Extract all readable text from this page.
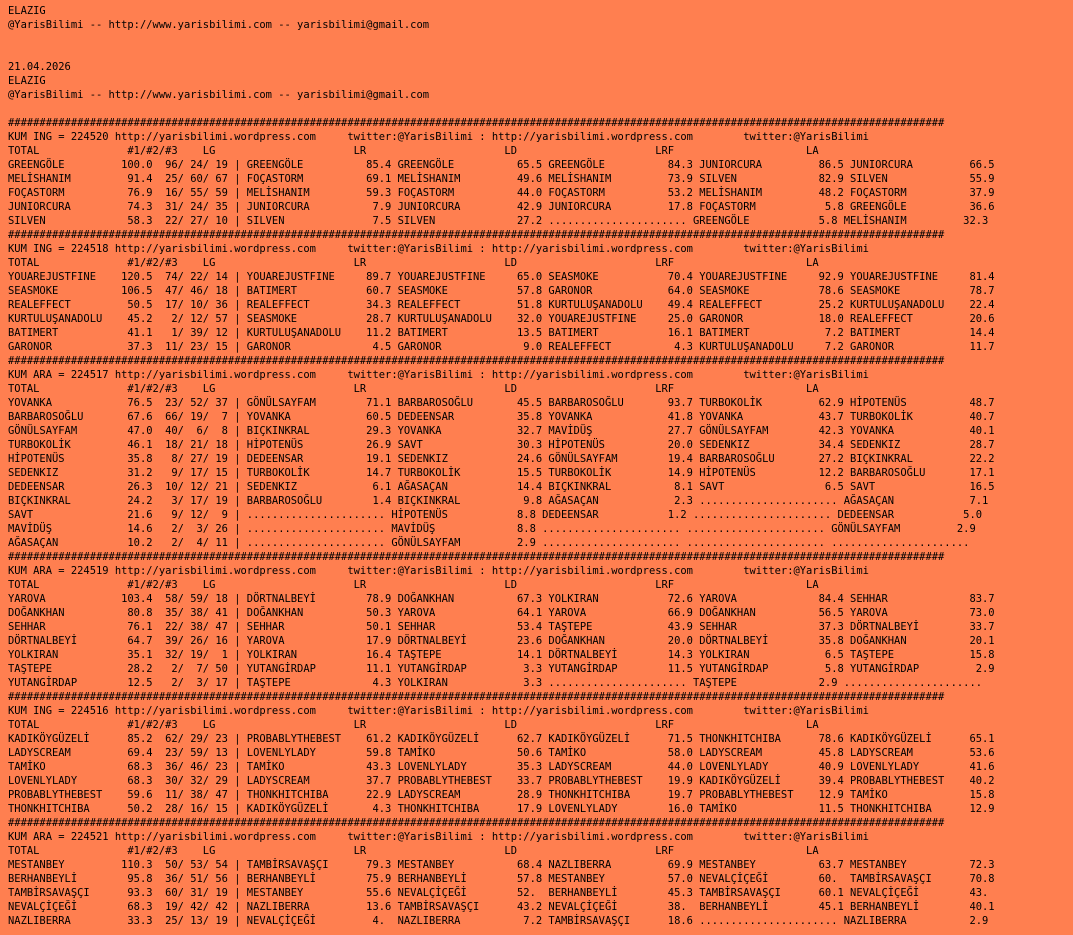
ELAZIG
@YarisBilimi -- http://www.yarisbilimi.com -- yarisbilimi@gmail.com
21.04.2026
ELAZIG
@YarisBilimi -- http://www.yarisbilimi.com -- yarisbilimi@gmail.com
#####################################################################################################################################################
KUM ING = 224520 http://yarisbilimi.wordpress.com     twitter:@YarisBilimi : http://yarisbilimi.wordpress.com        twitter:@YarisBilimi
TOTAL              #1/#2/#3    LG                      LR                      LD                      LRF                     LA
GREENGÖLE         100.0  96/ 24/ 19 | GREENGÖLE          85.4 GREENGÖLE          65.5 GREENGÖLE          84.3 JUNIORCURA         86.5 JUNIORCURA         66.5
MELİSHANIM         91.4  25/ 60/ 67 | FOÇASTORM          69.1 MELİSHANIM         49.6 MELİSHANIM         73.9 SILVEN             82.9 SILVEN             55.9
FOÇASTORM          76.9  16/ 55/ 59 | MELİSHANIM         59.3 FOÇASTORM          44.0 FOÇASTORM          53.2 MELİSHANIM         48.2 FOÇASTORM          37.9
JUNIORCURA         74.3  31/ 24/ 35 | JUNIORCURA          7.9 JUNIORCURA         42.9 JUNIORCURA         17.8 FOÇASTORM           5.8 GREENGÖLE          36.6
SILVEN             58.3  22/ 27/ 10 | SILVEN              7.5 SILVEN             27.2 ...................... GREENGÖLE           5.8 MELİSHANIM         32.3
#####################################################################################################################################################
KUM ING = 224518 http://yarisbilimi.wordpress.com     twitter:@YarisBilimi : http://yarisbilimi.wordpress.com        twitter:@YarisBilimi
TOTAL              #1/#2/#3    LG                      LR                      LD                      LRF                     LA
YOUAREJUSTFINE    120.5  74/ 22/ 14 | YOUAREJUSTFINE     89.7 YOUAREJUSTFINE     65.0 SEASMOKE           70.4 YOUAREJUSTFINE     92.9 YOUAREJUSTFINE     81.4
SEASMOKE          106.5  47/ 46/ 18 | BATIMERT           60.7 SEASMOKE           57.8 GARONOR            64.0 SEASMOKE           78.6 SEASMOKE           78.7
REALEFFECT         50.5  17/ 10/ 36 | REALEFFECT         34.3 REALEFFECT         51.8 KURTULUŞANADOLU    49.4 REALEFFECT         25.2 KURTULUŞANADOLU    22.4
KURTULUŞANADOLU    45.2   2/ 12/ 57 | SEASMOKE           28.7 KURTULUŞANADOLU    32.0 YOUAREJUSTFINE     25.0 GARONOR            18.0 REALEFFECT         20.6
BATIMERT           41.1   1/ 39/ 12 | KURTULUŞANADOLU    11.2 BATIMERT           13.5 BATIMERT           16.1 BATIMERT            7.2 BATIMERT           14.4
GARONOR            37.3  11/ 23/ 15 | GARONOR             4.5 GARONOR             9.0 REALEFFECT          4.3 KURTULUŞANADOLU     7.2 GARONOR            11.7
#####################################################################################################################################################
KUM ARA = 224517 http://yarisbilimi.wordpress.com     twitter:@YarisBilimi : http://yarisbilimi.wordpress.com        twitter:@YarisBilimi
TOTAL              #1/#2/#3    LG                      LR                      LD                      LRF                     LA
YOVANKA            76.5  23/ 52/ 37 | GÖNÜLSAYFAM        71.1 BARBAROSOĞLU       45.5 BARBAROSOĞLU       93.7 TURBOKOLİK         62.9 HİPOTENÜS          48.7
BARBAROSOĞLU       67.6  66/ 19/  7 | YOVANKA            60.5 DEDEENSAR          35.8 YOVANKA            41.8 YOVANKA            43.7 TURBOKOLİK         40.7
GÖNÜLSAYFAM        47.0  40/  6/  8 | BIÇKINKRAL         29.3 YOVANKA            32.7 MAVİDÜŞ            27.7 GÖNÜLSAYFAM        42.3 YOVANKA            40.1
TURBOKOLİK         46.1  18/ 21/ 18 | HİPOTENÜS          26.9 SAVT               30.3 HİPOTENÜS          20.0 SEDENKIZ           34.4 SEDENKIZ           28.7
HİPOTENÜS          35.8   8/ 27/ 19 | DEDEENSAR          19.1 SEDENKIZ           24.6 GÖNÜLSAYFAM        19.4 BARBAROSOĞLU       27.2 BIÇKINKRAL         22.2
SEDENKIZ           31.2   9/ 17/ 15 | TURBOKOLİK         14.7 TURBOKOLİK         15.5 TURBOKOLİK         14.9 HİPOTENÜS          12.2 BARBAROSOĞLU       17.1
DEDEENSAR          26.3  10/ 12/ 21 | SEDENKIZ            6.1 AĞASAÇAN           14.4 BIÇKINKRAL          8.1 SAVT                6.5 SAVT               16.5
BIÇKINKRAL         24.2   3/ 17/ 19 | BARBAROSOĞLU        1.4 BIÇKINKRAL          9.8 AĞASAÇAN            2.3 ...................... AĞASAÇAN            7.1
SAVT               21.6   9/ 12/  9 | ...................... HİPOTENÜS           8.8 DEDEENSAR           1.2 ...................... DEDEENSAR           5.0
MAVİDÜŞ            14.6   2/  3/ 26 | ...................... MAVİDÜŞ             8.8 ...................... ...................... GÖNÜLSAYFAM         2.9
AĞASAÇAN           10.2   2/  4/ 11 | ...................... GÖNÜLSAYFAM         2.9 ...................... ...................... ......................
#####################################################################################################################################################
KUM ARA = 224519 http://yarisbilimi.wordpress.com     twitter:@YarisBilimi : http://yarisbilimi.wordpress.com        twitter:@YarisBilimi
TOTAL              #1/#2/#3    LG                      LR                      LD                      LRF                     LA
YAROVA            103.4  58/ 59/ 18 | DÖRTNALBEYİ        78.9 DOĞANKHAN          67.3 YOLKIRAN           72.6 YAROVA             84.4 SEHHAR             83.7
DOĞANKHAN          80.8  35/ 38/ 41 | DOĞANKHAN          50.3 YAROVA             64.1 YAROVA             66.9 DOĞANKHAN          56.5 YAROVA             73.0
SEHHAR             76.1  22/ 38/ 47 | SEHHAR             50.1 SEHHAR             53.4 TAŞTEPE            43.9 SEHHAR             37.3 DÖRTNALBEYİ        33.7
DÖRTNALBEYİ        64.7  39/ 26/ 16 | YAROVA             17.9 DÖRTNALBEYİ        23.6 DOĞANKHAN          20.0 DÖRTNALBEYİ        35.8 DOĞANKHAN          20.1
YOLKIRAN           35.1  32/ 19/  1 | YOLKIRAN           16.4 TAŞTEPE            14.1 DÖRTNALBEYİ        14.3 YOLKIRAN            6.5 TAŞTEPE            15.8
TAŞTEPE            28.2   2/  7/ 50 | YUTANGİRDAP        11.1 YUTANGİRDAP         3.3 YUTANGİRDAP        11.5 YUTANGİRDAP         5.8 YUTANGİRDAP         2.9
YUTANGİRDAP        12.5   2/  3/ 17 | TAŞTEPE             4.3 YOLKIRAN            3.3 ...................... TAŞTEPE             2.9 ......................
#####################################################################################################################################################
KUM ING = 224516 http://yarisbilimi.wordpress.com     twitter:@YarisBilimi : http://yarisbilimi.wordpress.com        twitter:@YarisBilimi
TOTAL              #1/#2/#3    LG                      LR                      LD                      LRF                     LA
KADIKÖYGÜZELİ      85.2  62/ 29/ 23 | PROBABLYTHEBEST    61.2 KADIKÖYGÜZELİ      62.7 KADIKÖYGÜZELİ      71.5 THONKHITCHIBA      78.6 KADIKÖYGÜZELİ      65.1
LADYSCREAM         69.4  23/ 59/ 13 | LOVENLYLADY        59.8 TAMİKO             50.6 TAMİKO             58.0 LADYSCREAM         45.8 LADYSCREAM         53.6
TAMİKO             68.3  36/ 46/ 23 | TAMİKO             43.3 LOVENLYLADY        35.3 LADYSCREAM         44.0 LOVENLYLADY        40.9 LOVENLYLADY        41.6
LOVENLYLADY        68.3  30/ 32/ 29 | LADYSCREAM         37.7 PROBABLYTHEBEST    33.7 PROBABLYTHEBEST    19.9 KADIKÖYGÜZELİ      39.4 PROBABLYTHEBEST    40.2
PROBABLYTHEBEST    59.6  11/ 38/ 47 | THONKHITCHIBA      22.9 LADYSCREAM         28.9 THONKHITCHIBA      19.7 PROBABLYTHEBEST    12.9 TAMİKO             15.8
THONKHITCHIBA      50.2  28/ 16/ 15 | KADIKÖYGÜZELİ       4.3 THONKHITCHIBA      17.9 LOVENLYLADY        16.0 TAMİKO             11.5 THONKHITCHIBA      12.9
#####################################################################################################################################################
KUM ARA = 224521 http://yarisbilimi.wordpress.com     twitter:@YarisBilimi : http://yarisbilimi.wordpress.com        twitter:@YarisBilimi
TOTAL              #1/#2/#3    LG                      LR                      LD                      LRF                     LA
MESTANBEY         110.3  50/ 53/ 54 | TAMBİRSAVAŞÇI      79.3 MESTANBEY          68.4 NAZLIBERRA         69.9 MESTANBEY          63.7 MESTANBEY          72.3
BERHANBEYLİ        95.8  36/ 51/ 56 | BERHANBEYLİ        75.9 BERHANBEYLİ        57.8 MESTANBEY          57.0 NEVALÇİÇEĞİ        60.  TAMBİRSAVAŞÇI      70.8
TAMBİRSAVAŞÇI      93.3  60/ 31/ 19 | MESTANBEY          55.6 NEVALÇİÇEĞİ        52.  BERHANBEYLİ        45.3 TAMBİRSAVAŞÇI      60.1 NEVALÇİÇEĞİ        43.
NEVALÇİÇEĞİ        68.3  19/ 42/ 42 | NAZLIBERRA         13.6 TAMBİRSAVAŞÇI      43.2 NEVALÇİÇEĞİ        38.  BERHANBEYLİ        45.1 BERHANBEYLİ        40.1
NAZLIBERRA         33.3  25/ 13/ 19 | NEVALÇİÇEĞİ         4.  NAZLIBERRA          7.2 TAMBİRSAVAŞÇI      18.6 ...................... NAZLIBERRA          2.9
